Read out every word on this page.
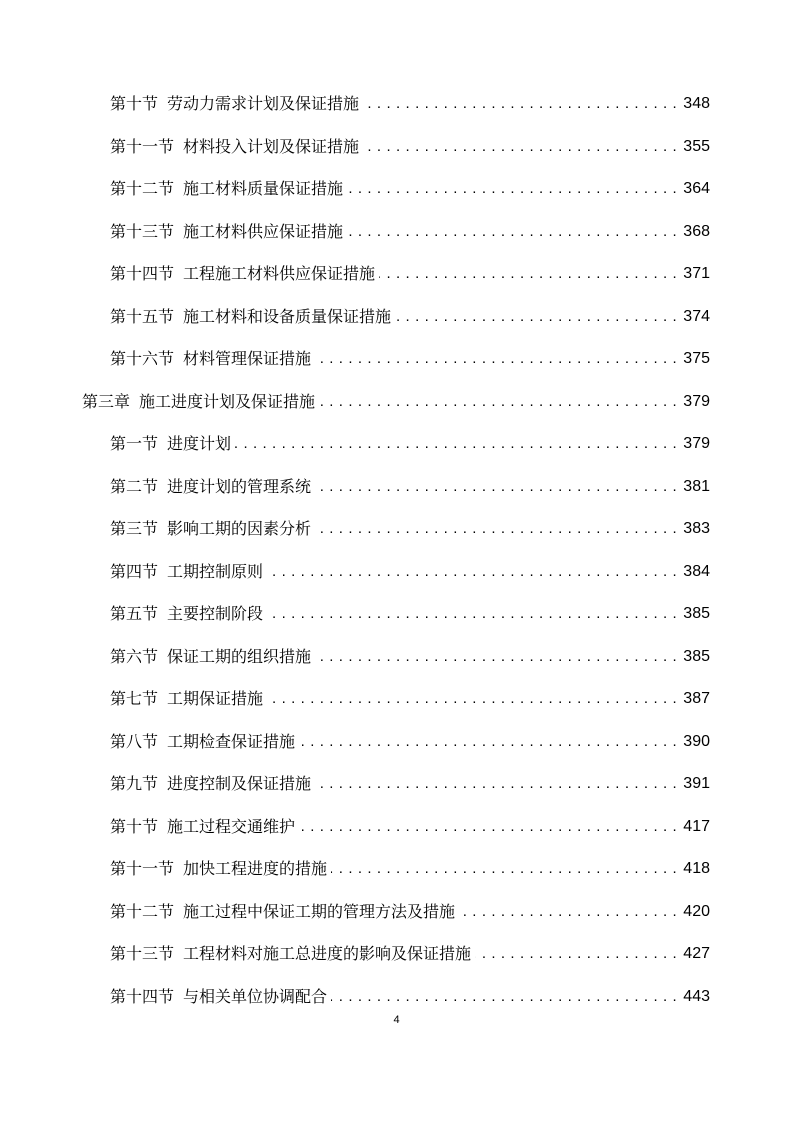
第十节 劳动力需求计划及保证措施 . . .	348
第十一节 材料投入计划及保证措施 . . .	355
第十二节 施工材料质量保证措施 . . .	364
第十三节 施工材料供应保证措施 . . .	368
第十四节 工程施工材料供应保证措施 . . .	371
第十五节 施工材料和设备质量保证措施 . . .	374
第十六节 材料管理保证措施 . . .	375
第三章 施工进度计划及保证措施 . . .	379
第一节 进度计划 . . .	379
第二节 进度计划的管理系统 . . .	381
第三节 影响工期的因素分析 . . .	383
第四节 工期控制原则 . . .	384
第五节 主要控制阶段 . . .	385
第六节 保证工期的组织措施 . . .	385
第七节 工期保证措施 . . .	387
第八节 工期检查保证措施 . . .	390
第九节 进度控制及保证措施 . . .	391
第十节 施工过程交通维护 . . .	417
第十一节 加快工程进度的措施 . . .	418
第十二节 施工过程中保证工期的管理方法及措施 . . .	420
第十三节 工程材料对施工总进度的影响及保证措施 . . .	427
第十四节 与相关单位协调配合 . . .	443
4
